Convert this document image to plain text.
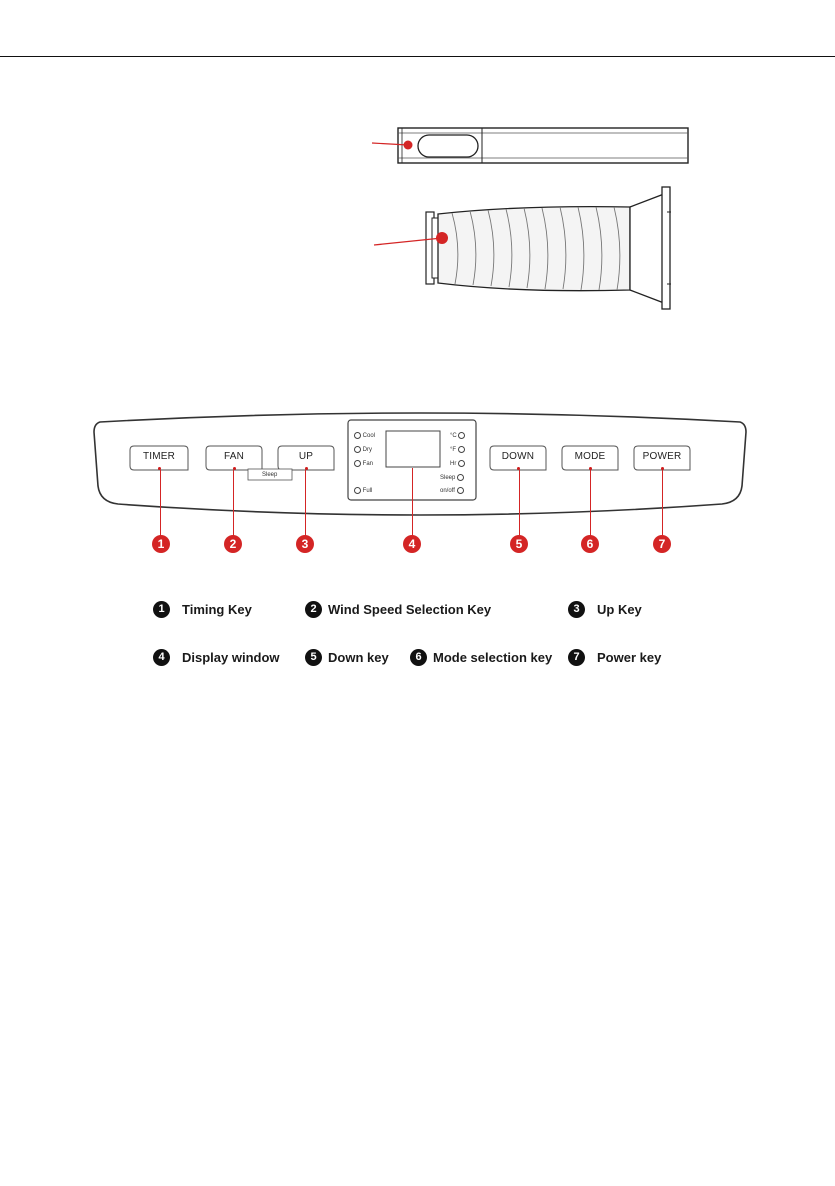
TIMER	FAN	UP	DOWN	MODE	POWER
Sleep
Cool
Dry
Fan
Full
°C
°F
Hr
Sleep
on/off
1	2	3	4	5	6	7
1	Timing Key	2 Wind Speed Selection Key	3	Up Key
4	Display window	5 Down key	6 Mode selection key	7	Power key
